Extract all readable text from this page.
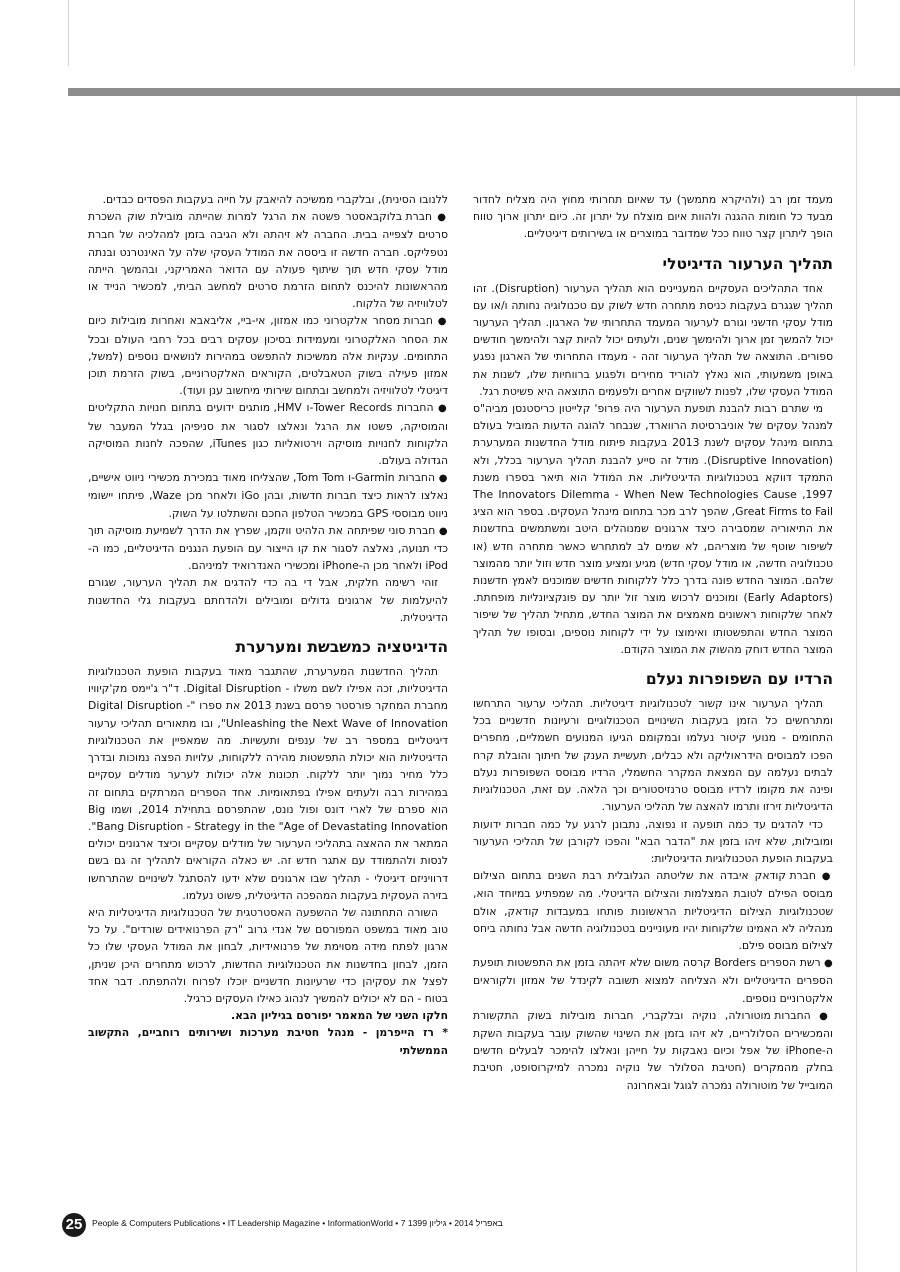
מעמד זמן רב (ולהיקרא מתמשך) עד שאיום תחרותי מחוץ היה מצליח לחדור מבעד כל חומות ההגנה ולהוות איום מוצלח על יתרון זה. כיום יתרון ארוך טווח הופך ליתרון קצר טווח ככל שמדובר במוצרים או בשירותים דיגיטליים.

תהליך הערעור הדיגיטלי

אחד התהליכים העסקיים המעניינים הוא תהליך הערעור (Disruption). זהו תהליך שגגרם בעקבות כניסת מתחרה חדש לשוק עם טכנולוגיה נחותה ו/או עם מודל עסקי חדשני וגורם לערעור המעמד התחרותי של הארגון. תהליך הערעור יכול להמשך זמן ארוך ולהימשך שנים, ולעתים יכול להיות קצר ולהימשך חודשים ספורים. התוצאה של תהליך הערעור זהה - מעמדו התחרותי של הארגון נפגע באופן משמעותי, הוא נאלץ להוריד מחירים ולפגוע ברווחיות שלו, לשנות את המודל העסקי שלו, לפנות לשווקים אחרים ולפעמים התוצאה היא פשיטת רגל.

מי שתרם רבות להבנת תופעת הערעור היה פרופ' קלייטון כריסטנסן מביה"ס למנהל עסקים של אוניברסיטת הרווארד, שנבחר להוגה הדעות המוביל בעולם בתחום מינהל עסקים לשנת 2013 בעקבות פיתוח מודל החדשנות המערערת (Disruptive Innovation). מודל זה סייע להבנת תהליך הערעור בכלל, ולא התמקד דווקא בטכנולוגיות הדיגיטליות. את המודל הוא תיאר בספרו משנת 1997, The Innovators Dilemma - When New Technologies Cause Great Firms to Fail, שהפך לרב מכר בתחום מינהל העסקים. בספר הוא הציג את התיאוריה שמסבירה כיצד ארגונים שמנוהלים היטב ומשתמשים בחדשנות לשיפור שוטף של מוצריהם, לא שמים לב למתחרש כאשר מתחרה חדש (או טכנולוגיה חדשה, או מודל עסקי חדש) מגיע ומציע מוצר חדש וזול יותר מהמוצר שלהם. המוצר החדש פונה בדרך כלל ללקוחות חדשים שמוכנים לאמץ חדשנות (Early Adaptors) ומוכנים לרכוש מוצר זול יותר עם פונקציונליות מופחתת. לאחר שלקוחות ראשונים מאמצים את המוצר החדש, מתחיל תהליך של שיפור המוצר החדש והתפשטותו ואימוצו על ידי לקוחות נוספים, ובסופו של תהליך המוצר החדש דוחק מהשוק את המוצר הקודם.

הרדיו עם השפופרות נעלם

תהליך הערעור אינו קשור לטכנולוגיות דיגיטליות. תהליכי ערעור התרחשו ומתרחשים כל הזמן בעקבות השינויים הטכנולוגיים ורעיונות חדשניים בכל התחומים - מנועי קיטור נעלמו ובמקומם הגיעו המנועים חשמליים, מחפרים הפכו למבוסים הידראוליקה ולא כבלים, תעשיית הענק של חיתוך והובלת קרח לבתים נעלמה עם המצאת המקרר החשמלי, הרדיו מבוסס השפופרות נעלם ופינה את מקומו לרדיו מבוסס טרנזיסטורים וכך הלאה. עם זאת, הטכנולוגיות הדיגיטליות זירזו ותרמו להאצה של תהליכי הערעור.

כדי להדגים עד כמה תופעה זו נפוצה, נתבונן לרגע על כמה חברות ידועות ומובילות, שלא זיהו בזמן את "הדבר הבא" והפכו לקורבן של תהליכי הערעור בעקבות הופעת הטכנולוגיות הדיגיטליות:

● חברת קודאק איבדה את שליטתה הגלובלית רבת השנים בתחום הצילום מבוסס הפילם לטובת המצלמות והצילום הדיגיטלי. מה שמפתיע במיוחד הוא, שטכנולוגיות הצילום הדיגיטליות הראשונות פותחו במעבדות קודאק, אולם מנהליה לא האמינו שלקוחות יהיו מעוניינים בטכנולוגיה חדשה אבל נחותה ביחס לצילום מבוסס פילם.

● רשת הספרים Borders קרסה משום שלא זיהתה בזמן את התפשטות תופעת הספרים הדיגיטליים ולא הצליחה למצוא תשובה לקינדל של אמזון ולקוראים אלקטרוניים נוספים.

● החברות מוטורולה, נוקיה ובלקברי, חברות מובילות בשוק התקשורת והמכשירים הסלולריים, לא זיהו בזמן את השינוי שהשוק עובר בעקבות השקת ה-iPhone של אפל וכיום נאבקות על חייהן ונאלצו להימכר לבעלים חדשים בחלק מהמקרים (חטיבת הסלולר של נוקיה נמכרה למיקרוסופט, חטיבת המובייל של מוטורולה נמכרה לגוגל ובאחרונה

ללנובו הסינית), ובלקברי ממשיכה להיאבק על חייה בעקבות הפסדים כבדים.

● חברת בלוקבאסטר פשטה את הרגל למרות שהייתה מובילת שוק השכרת סרטים לצפייה בבית. החברה לא זיהתה ולא הגיבה בזמן למהלכיה של חברת נטפליקס. חברה חדשה זו ביססה את המודל העסקי שלה על האינטרנט ובנתה מודל עסקי חדש תוך שיתוף פעולה עם הדואר האמריקני, ובהמשך הייתה מהראשונות להיכנס לתחום הזרמת סרטים למחשב הביתי, למכשיר הנייד או לטלוויזיה של הלקוח.

● חברות מסחר אלקטרוני כמו אמזון, אי-ביי, אליבאבא ואחרות מובילות כיום את הסחר האלקטרוני ומעמידות בסיכון עסקים רבים בכל רחבי העולם ובכל התחומים. ענקיות אלה ממשיכות להתפשט במהירות לנושאים נוספים (למשל, אמזון פעילה בשוק הטאבלטים, הקוראים האלקטרוניים, בשוק הזרמת תוכן דיגיטלי לטלוויזיה ולמחשב ובתחום שירותי מיחשוב ענן ועוד).

● החברות Tower Records-ו HMV, מותגים ידועים בתחום חנויות התקליטים והמוסיקה, פשטו את הרגל ונאלצו לסגור את סניפיהן בגלל המעבר של הלקוחות לחנויות מוסיקה וירטואליות כגון iTunes, שהפכה לחנות המוסיקה הגדולה בעולם.

● החברות Garmin-ו Tom Tom, שהצליחו מאוד במכירת מכשירי ניווט אישיים, נאלצו לראות כיצד חברות חדשות, ובהן iGo ולאחר מכן Waze, פיתחו יישומי ניווט מבוססי GPS במכשיר הטלפון החכם והשתלטו על השוק.

● חברת סוני שפיתחה את הלהיט ווקמן, שפרץ את הדרך לשמיעת מוסיקה תוך כדי תנועה, נאלצה לסגור את קו הייצור עם הופעת הנגנים הדיגיטליים, כמו ה-iPod ולאחר מכן ה-iPhone ומכשירי האנדרואיד למיניהם.

זוהי רשימה חלקית, אבל די בה כדי להדגים את תהליך הערעור, שגורם להיעלמות של ארגונים גדולים ומובילים ולהדחתם בעקבות גלי החדשנות הדיגיטלית.

הדיגיטציה כמשבשת ומערערת

תהליך החדשנות המערערת, שהתגבר מאוד בעקבות הופעת הטכנולוגיות הדיגיטליות, זכה אפילו לשם משלו - Digital Disruption. ד"ר ג'יימס מק'קיוויו מחברת המחקר פורסטר פרסם בשנת 2013 את ספרו "Digital Disruption - Unleashing the Next Wave of Innovation", ובו מתאורים תהליכי ערעור דיגיטליים במספר רב של ענפים ותעשיות. מה שמאפיין את הטכנולוגיות הדיגיטליות הוא יכולת התפשטות מהירה ללקוחות, עלויות הפצה נמוכות ובדרך כלל מחיר נמוך יותר ללקוח. תכונות אלה יכולות לערער מודלים עסקיים במהירות רבה ולעתים אפילו בפתאומיות. אחד הספרים המרתקים בתחום זה הוא ספרם של לארי דונס ופול נונס, שהתפרסם בתחילת 2014, ושמו Big Bang Disruption - Strategy in the "Age of Devastating Innovation". המתאר את ההאצה בתהליכי הערעור של מודלים עסקיים וכיצד ארגונים יכולים לנסות ולהתמודד עם אתגר חדש זה. יש כאלה הקוראים לתהליך זה גם בשם דרוויניזם דיגיטלי - תהליך שבו ארגונים שלא ידעו להסתגל לשינויים שהתרחשו בזירה העסקית בעקבות המהפכה הדיגיטלית, פשוט נעלמו.

השורה התחתונה של ההשפעה האסטרטגית של הטכנולוגיות הדיגיטליות היא טוב מאוד במשפט המפורסם של אנדי גרוב "רק הפרנואידים שורדים". על כל ארגון לפתח מידה מסוימת של פרנואידיות, לבחון את המודל העסקי שלו כל הזמן, לבחון בחדשנות את הטכנולוגיות החדשות, לרכוש מתחרים היכן שניתן, לפצל את עסקיהן כדי שרעיונות חדשניים יוכלו לפרוח ולהתפתח. דבר אחד בטוח - הם לא יכולים להמשיך לנהוג כאילו העסקים כרגיל.

חלקו השני של המאמר יפורסם בגיליון הבא.

* רז הייפרמן - מנהל חטיבת מערכות ושירותים רוחביים, התקשוב הממשלתי

25	People & Computers Publications • IT Leadership Magazine • InformationWorld • 7 באפריל 2014 • גיליון 1399
